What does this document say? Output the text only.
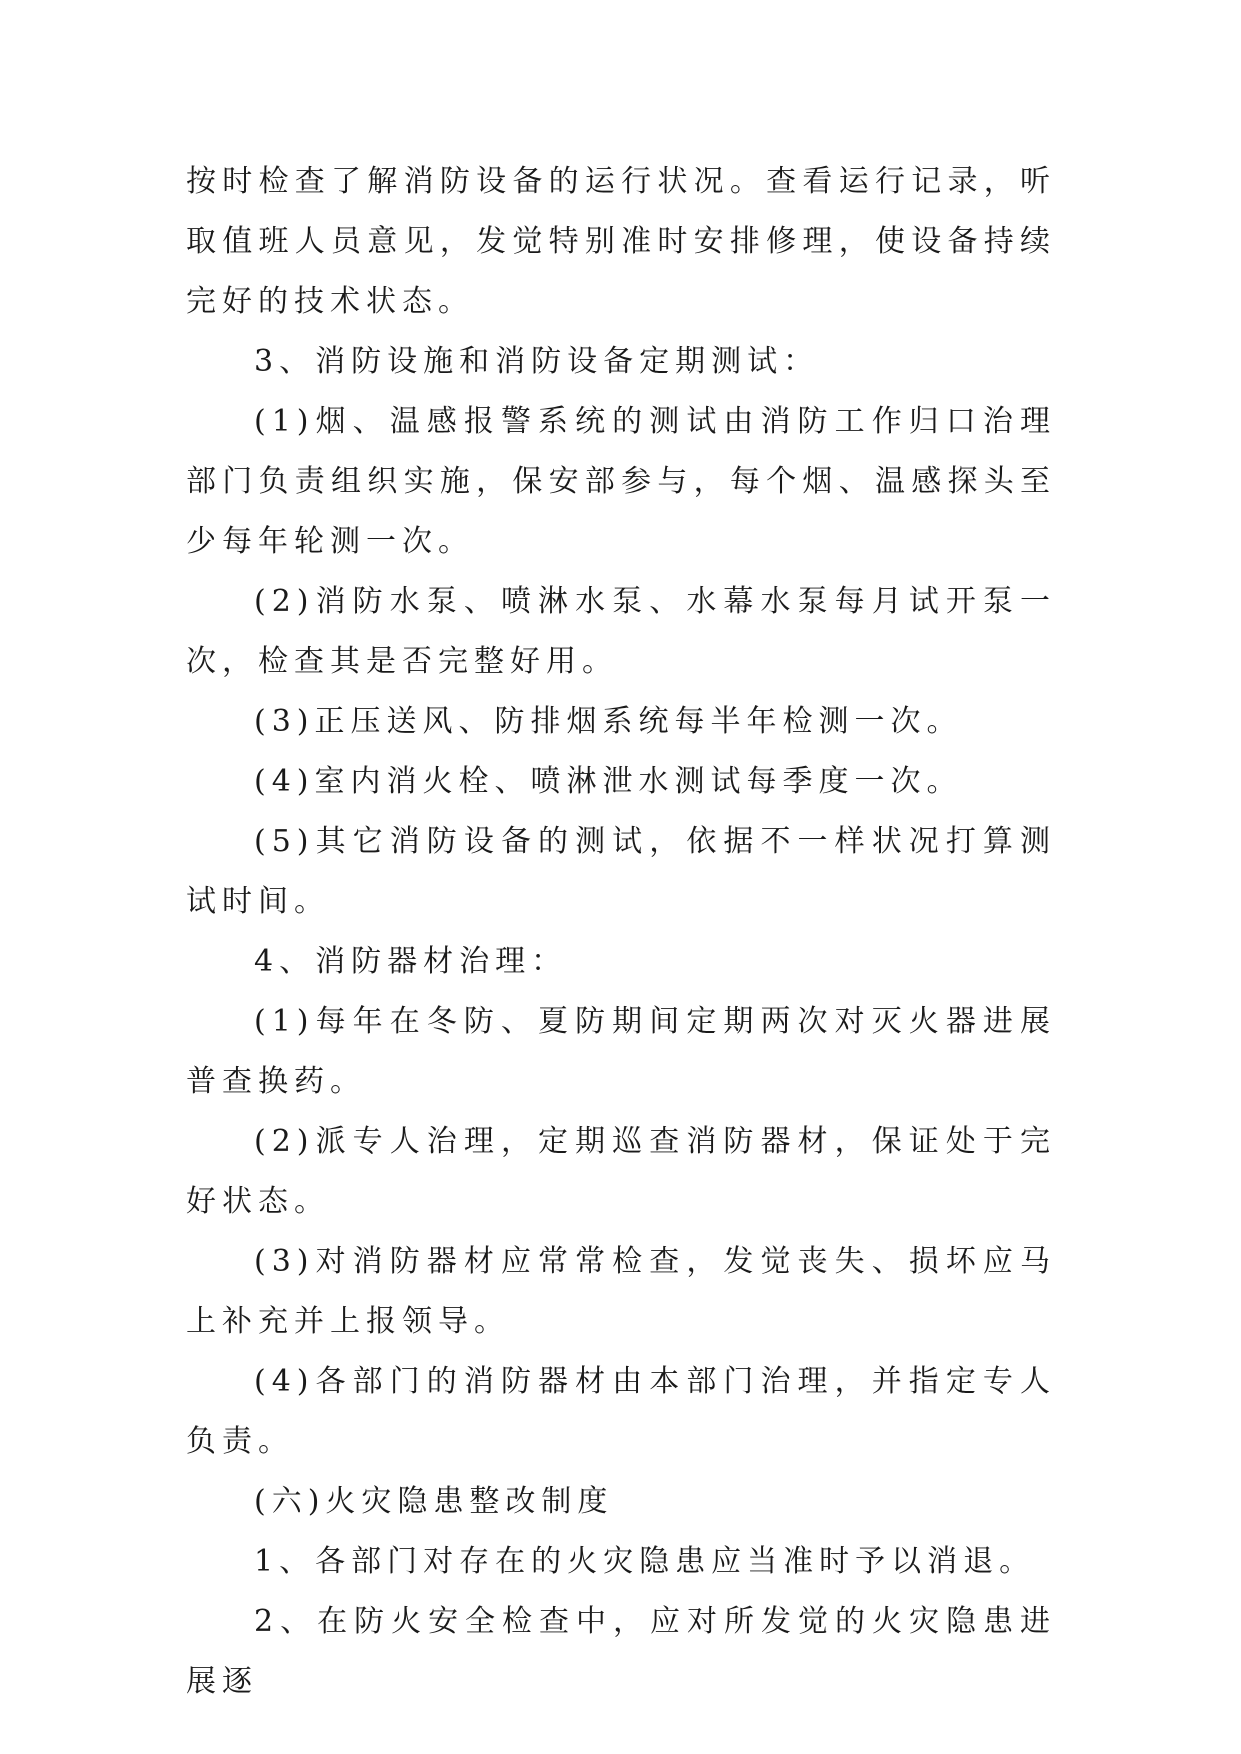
按时检查了解消防设备的运行状况。查看运行记录，听取值班人员意见，发觉特别准时安排修理，使设备持续完好的技术状态。

3、消防设施和消防设备定期测试：

(1)烟、温感报警系统的测试由消防工作归口治理部门负责组织实施，保安部参与，每个烟、温感探头至少每年轮测一次。

(2)消防水泵、喷淋水泵、水幕水泵每月试开泵一次，检查其是否完整好用。

(3)正压送风、防排烟系统每半年检测一次。

(4)室内消火栓、喷淋泄水测试每季度一次。

(5)其它消防设备的测试，依据不一样状况打算测试时间。

4、消防器材治理：

(1)每年在冬防、夏防期间定期两次对灭火器进展普查换药。

(2)派专人治理，定期巡查消防器材，保证处于完好状态。

(3)对消防器材应常常检查，发觉丧失、损坏应马上补充并上报领导。

(4)各部门的消防器材由本部门治理，并指定专人负责。

(六)火灾隐患整改制度

1、各部门对存在的火灾隐患应当准时予以消退。

2、在防火安全检查中，应对所发觉的火灾隐患进展逐
